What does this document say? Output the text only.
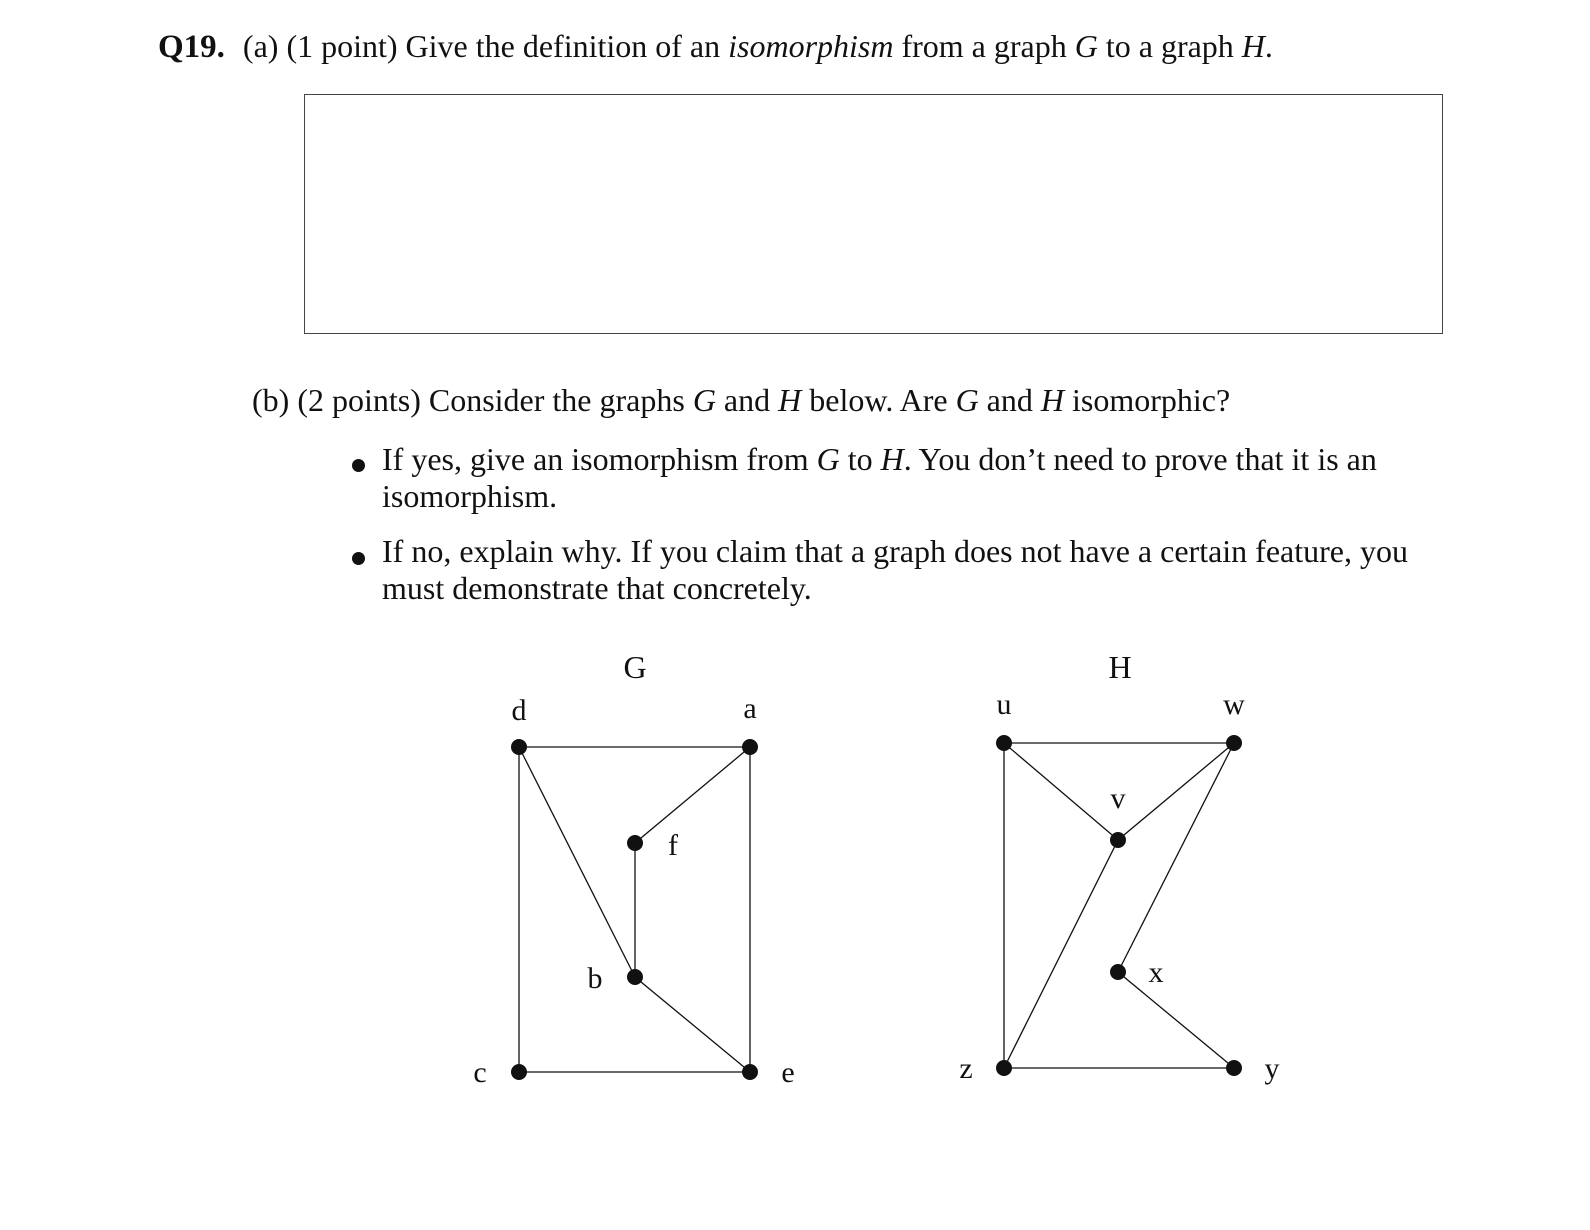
Q19. (a) (1 point) Give the definition of an isomorphism from a graph G to a graph H.
(b) (2 points) Consider the graphs G and H below. Are G and H isomorphic?
If yes, give an isomorphism from G to H. You don’t need to prove that it is an isomorphism.
If no, explain why. If you claim that a graph does not have a certain feature, you must demonstrate that concretely.
G	H
d	a
f
b
c	e
u	w
v
x
z	y
